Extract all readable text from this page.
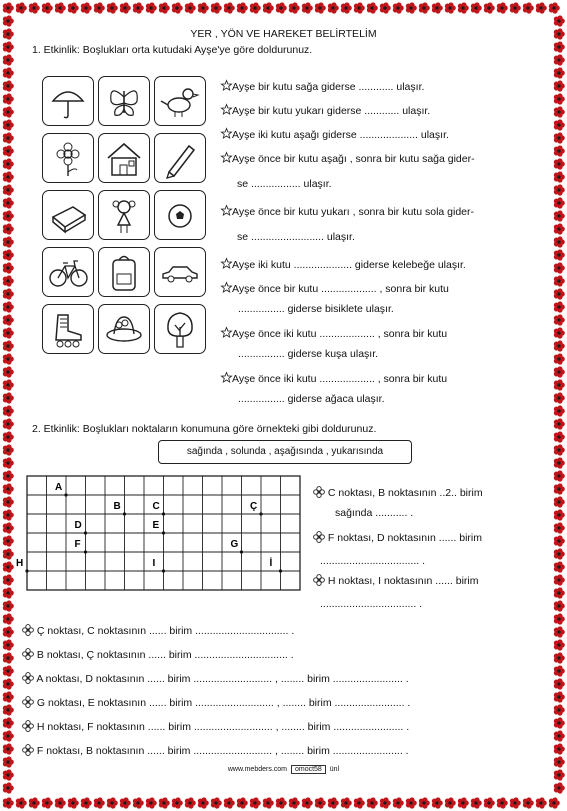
YER , YÖN VE HAREKET BELİRTELİM
1. Etkinlik: Boşlukları orta kutudaki Ayşe'ye göre doldurunuz.
Ayşe bir kutu sağa giderse ............ ulaşır.
Ayşe bir kutu yukarı giderse ............ ulaşır.
Ayşe iki kutu aşağı giderse .................... ulaşır.
Ayşe önce bir kutu aşağı , sonra bir kutu sağa gider-
se ................. ulaşır.
Ayşe önce bir kutu yukarı , sonra bir kutu sola gider-
se ......................... ulaşır.
Ayşe iki kutu .................... giderse kelebeğe ulaşır.
Ayşe önce bir kutu ................... , sonra bir kutu
................ giderse bisiklete ulaşır.
Ayşe önce iki kutu ................... , sonra bir kutu
................ giderse kuşa ulaşır.
Ayşe önce iki kutu ................... , sonra bir kutu
................ giderse ağaca ulaşır.
2. Etkinlik: Boşlukları noktaların konumuna göre örnekteki gibi doldurunuz.
sağında , solunda , aşağısında , yukarısında
A
B	C	Ç
D	E
F	G
H	I	İ
C noktası, B noktasının ..2.. birim
sağında ........... .
F noktası, D noktasının ...... birim
.................................. .
H noktası, I noktasının ...... birim
................................. .
Ç noktası, C noktasının ...... birim ................................ .
B noktası, Ç noktasının ...... birim ................................ .
A noktası, D noktasının ...... birim ........................... , ........ birim ........................ .
G noktası, E noktasının ...... birim ........................... , ........ birim ........................ .
H noktası, F noktasının ...... birim ........................... , ........ birim ........................ .
F noktası, B noktasının ...... birim ........................... , ........ birim ........................ .
www.mebders.com omoct58 ünl
